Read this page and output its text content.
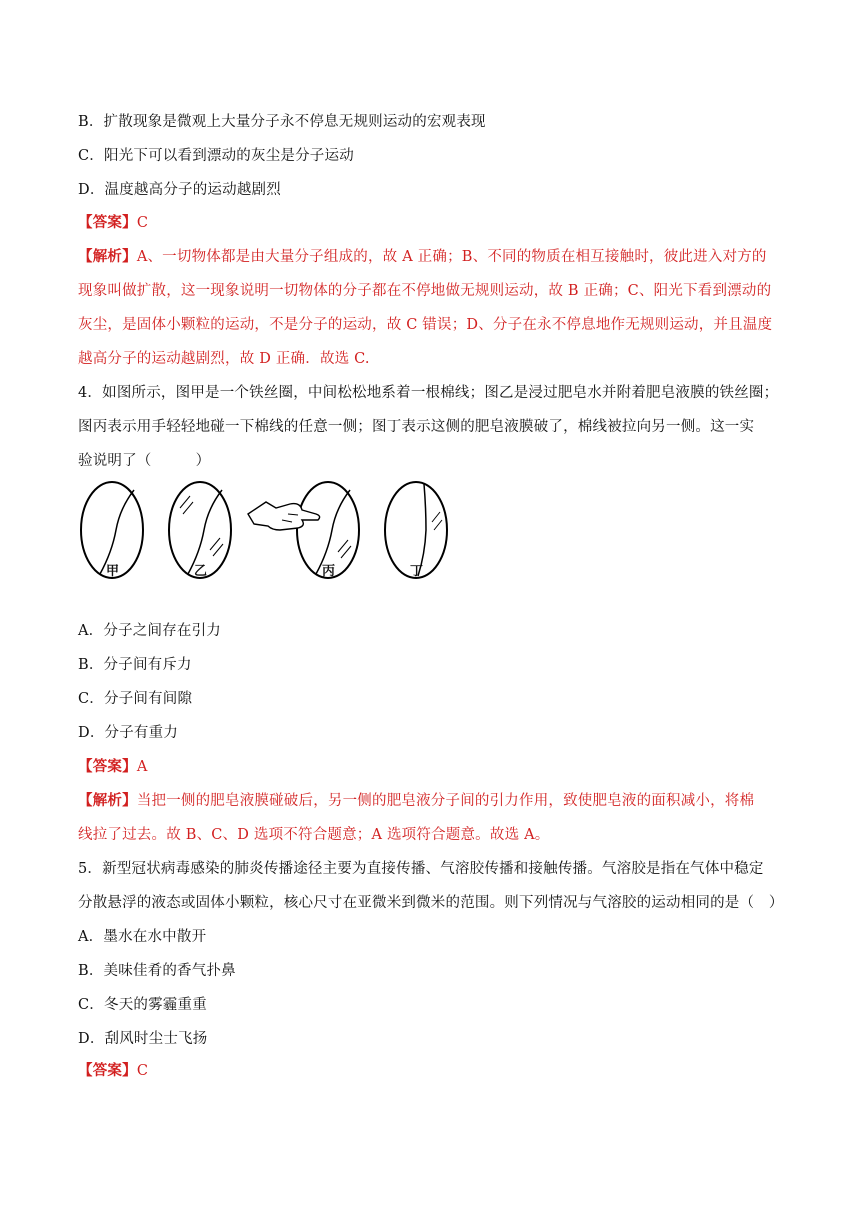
B．扩散现象是微观上大量分子永不停息无规则运动的宏观表现
C．阳光下可以看到漂动的灰尘是分子运动
D．温度越高分子的运动越剧烈
【答案】C
【解析】A、一切物体都是由大量分子组成的，故 A 正确；B、不同的物质在相互接触时，彼此进入对方的
现象叫做扩散，这一现象说明一切物体的分子都在不停地做无规则运动，故 B 正确；C、阳光下看到漂动的
灰尘，是固体小颗粒的运动，不是分子的运动，故 C 错误；D、分子在永不停息地作无规则运动，并且温度
越高分子的运动越剧烈，故 D 正确．故选 C.
4．如图所示，图甲是一个铁丝圈，中间松松地系着一根棉线；图乙是浸过肥皂水并附着肥皂液膜的铁丝圈；
图丙表示用手轻轻地碰一下棉线的任意一侧；图丁表示这侧的肥皂液膜破了，棉线被拉向另一侧。这一实
验说明了（　　　）
甲	乙	丙	丁
A．分子之间存在引力
B．分子间有斥力
C．分子间有间隙
D．分子有重力
【答案】A
【解析】当把一侧的肥皂液膜碰破后，另一侧的肥皂液分子间的引力作用，致使肥皂液的面积减小，将棉
线拉了过去。故 B、C、D 选项不符合题意；A 选项符合题意。故选 A。
5．新型冠状病毒感染的肺炎传播途径主要为直接传播、气溶胶传播和接触传播。气溶胶是指在气体中稳定
分散悬浮的液态或固体小颗粒，核心尺寸在亚微米到微米的范围。则下列情况与气溶胶的运动相同的是（　）
A．墨水在水中散开
B．美味佳肴的香气扑鼻
C．冬天的雾霾重重
D．刮风时尘士飞扬
【答案】C
